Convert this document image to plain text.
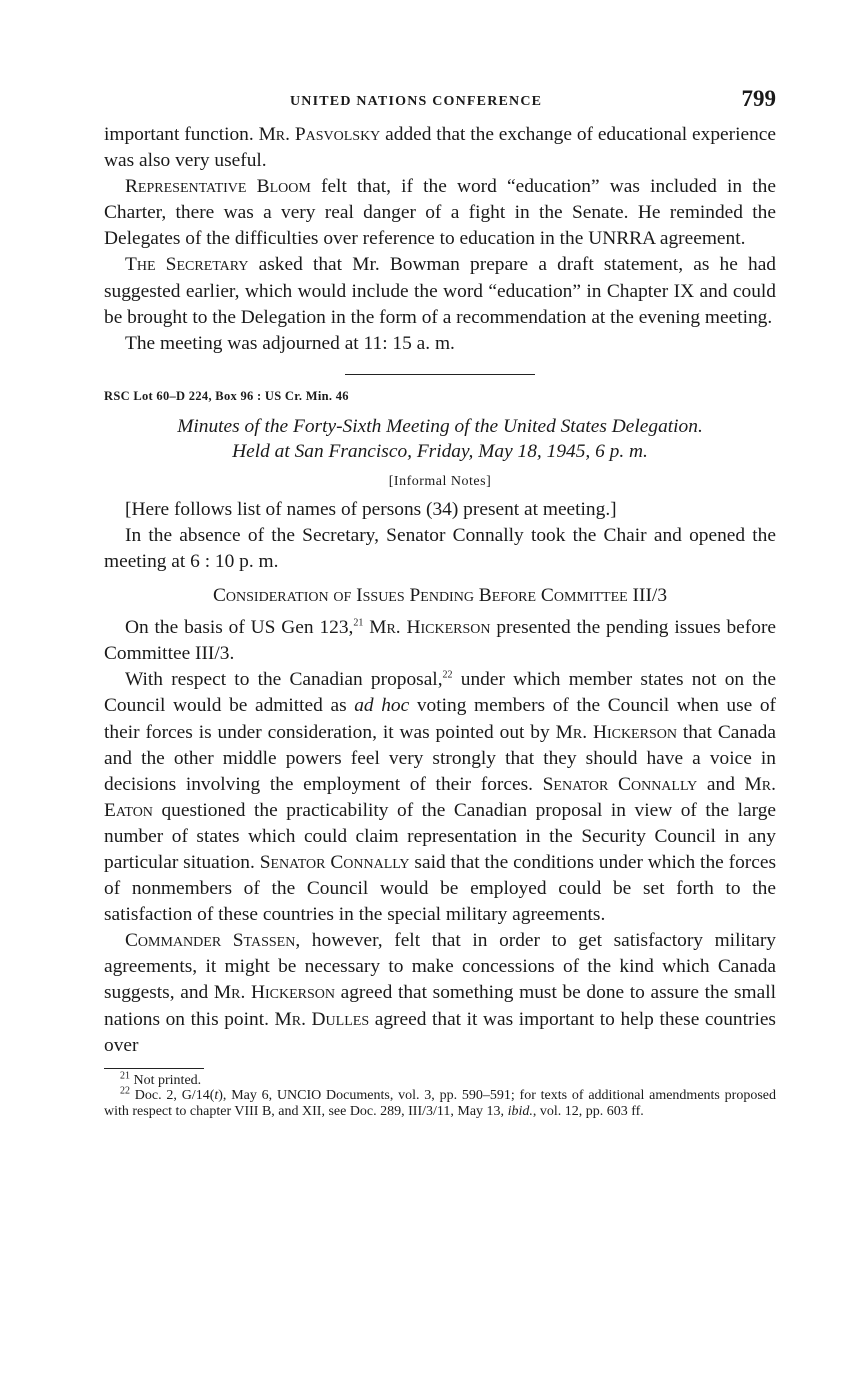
UNITED NATIONS CONFERENCE	799

important function. Mr. Pasvolsky added that the exchange of educational experience was also very useful.

Representative Bloom felt that, if the word “education” was included in the Charter, there was a very real danger of a fight in the Senate. He reminded the Delegates of the difficulties over reference to education in the UNRRA agreement.

The Secretary asked that Mr. Bowman prepare a draft statement, as he had suggested earlier, which would include the word “education” in Chapter IX and could be brought to the Delegation in the form of a recommendation at the evening meeting.

The meeting was adjourned at 11: 15 a. m.

RSC Lot 60–D 224, Box 96 : US Cr. Min. 46
Minutes of the Forty-Sixth Meeting of the United States Delegation.
Held at San Francisco, Friday, May 18, 1945, 6 p. m.
[Informal Notes]

[Here follows list of names of persons (34) present at meeting.]

In the absence of the Secretary, Senator Connally took the Chair and opened the meeting at 6 : 10 p. m.

Consideration of Issues Pending Before Committee III/3

On the basis of US Gen 123,21 Mr. Hickerson presented the pending issues before Committee III/3.

With respect to the Canadian proposal,$^{22}$ under which member states not on the Council would be admitted as ad hoc voting members of the Council when use of their forces is under consideration, it was pointed out by Mr. Hickerson that Canada and the other middle powers feel very strongly that they should have a voice in decisions involving the employment of their forces. Senator Connally and Mr. Eaton questioned the practicability of the Canadian proposal in view of the large number of states which could claim representation in the Security Council in any particular situation. Senator Connally said that the conditions under which the forces of nonmembers of the Council would be employed could be set forth to the satisfaction of these countries in the special military agreements.

Commander Stassen, however, felt that in order to get satisfactory military agreements, it might be necessary to make concessions of the kind which Canada suggests, and Mr. Hickerson agreed that something must be done to assure the small nations on this point. Mr. Dulles agreed that it was important to help these countries over

$^{21}$ Not printed.

$^{22}$ Doc. 2, G/14(t), May 6, UNCIO Documents, vol. 3, pp. 590–591; for texts of additional amendments proposed with respect to chapter VIII B, and XII, see Doc. 289, III/3/11, May 13, ibid., vol. 12, pp. 603 ff.
